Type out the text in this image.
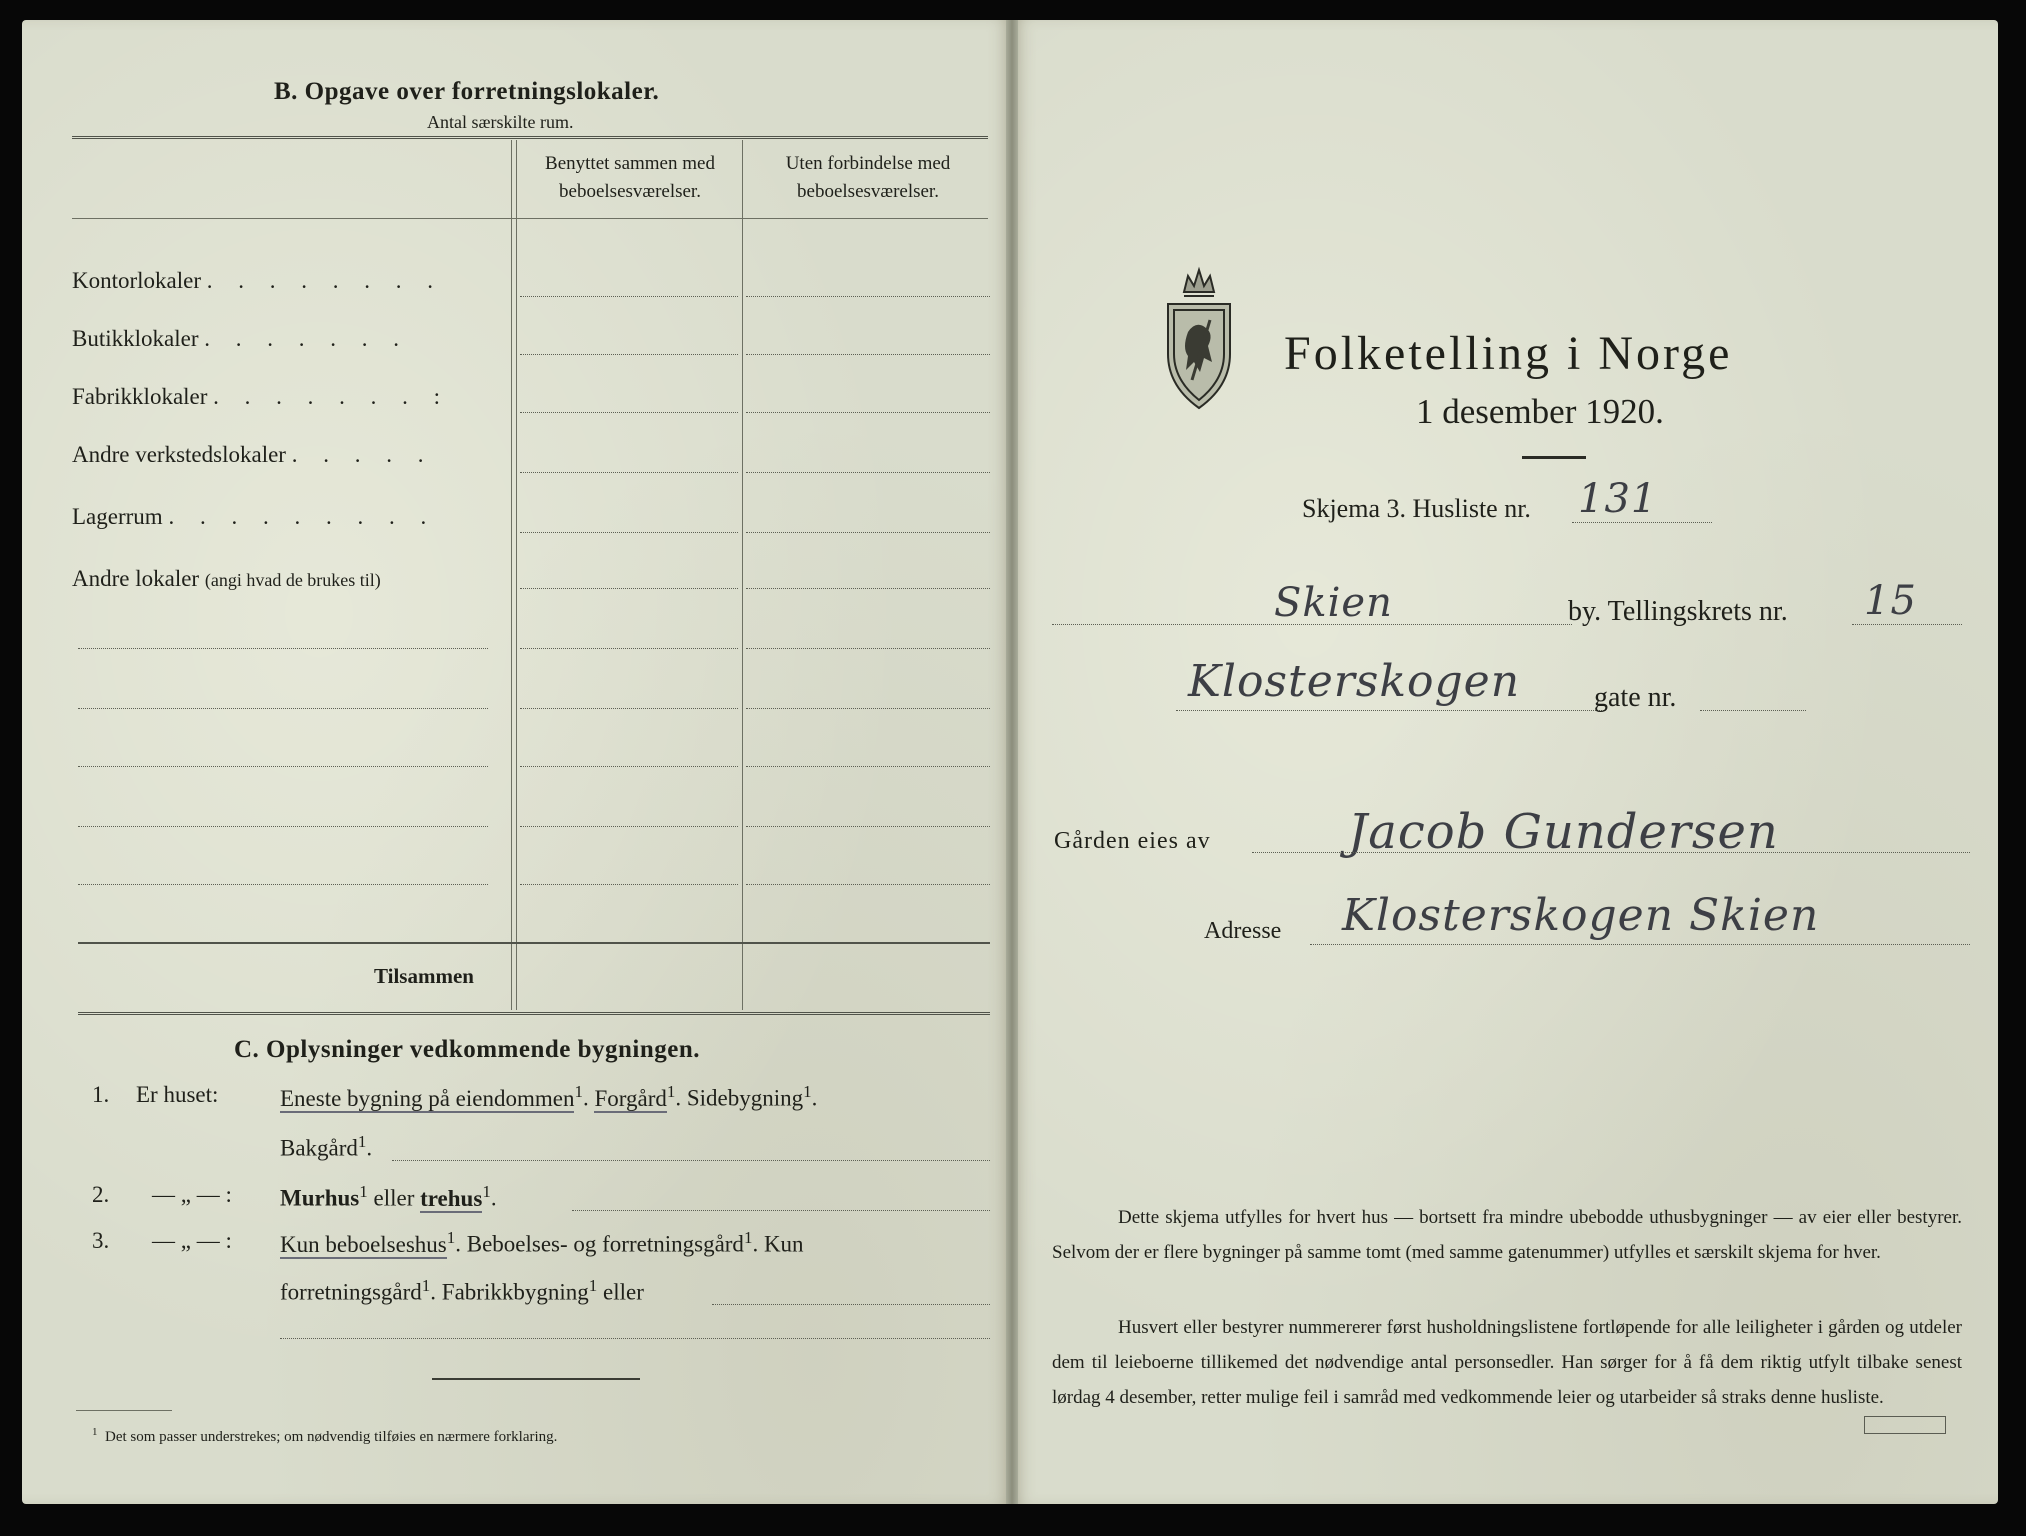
B. Opgave over forretningslokaler.
Antal særskilte rum.
Benyttet sammen med
beboelsesværelser.
Uten forbindelse med
beboelsesværelser.
Kontorlokaler . . . . . . . .
Butikklokaler . . . . . . .
Fabrikklokaler . . . . . . . :
Andre verkstedslokaler . . . . .
Lagerrum . . . . . . . . .
Andre lokaler (angi hvad de brukes til)
Tilsammen
C. Oplysninger vedkommende bygningen.
1. Er huset:	Eneste bygning på eiendommen$^1$. Forgård$^1$. Sidebygning$^1$.
Bakgård$^1$.
2. — „ — : Murhus$^1$ eller trehus$^1$.
3. — „ — : Kun beboelseshus$^1$. Beboelses- og forretningsgård$^1$. Kun
forretningsgård$^1$. Fabrikkbygning$^1$ eller
$^1$ Det som passer understrekes; om nødvendig tilføies en nærmere forklaring.
Folketelling i Norge
1 desember 1920.
Skjema 3. Husliste nr. 131
Skien	by. Tellingskrets nr. 15
Klosterskogen	gate nr.
Gården eies av	Jacob Gundersen
Adresse Klosterskogen Skien
Dette skjema utfylles for hvert hus — bortsett fra mindre ubebodde uthusbygninger — av eier eller bestyrer. Selvom der er flere bygninger på samme tomt (med samme gatenummer) utfylles et særskilt skjema for hver.
Husvert eller bestyrer nummererer først husholdningslistene fortløpende for alle leiligheter i gården og utdeler dem til leieboerne tillikemed det nødvendige antal personsedler. Han sørger for å få dem riktig utfylt tilbake senest lørdag 4 desember, retter mulige feil i samråd med vedkommende leier og utarbeider så straks denne husliste.
